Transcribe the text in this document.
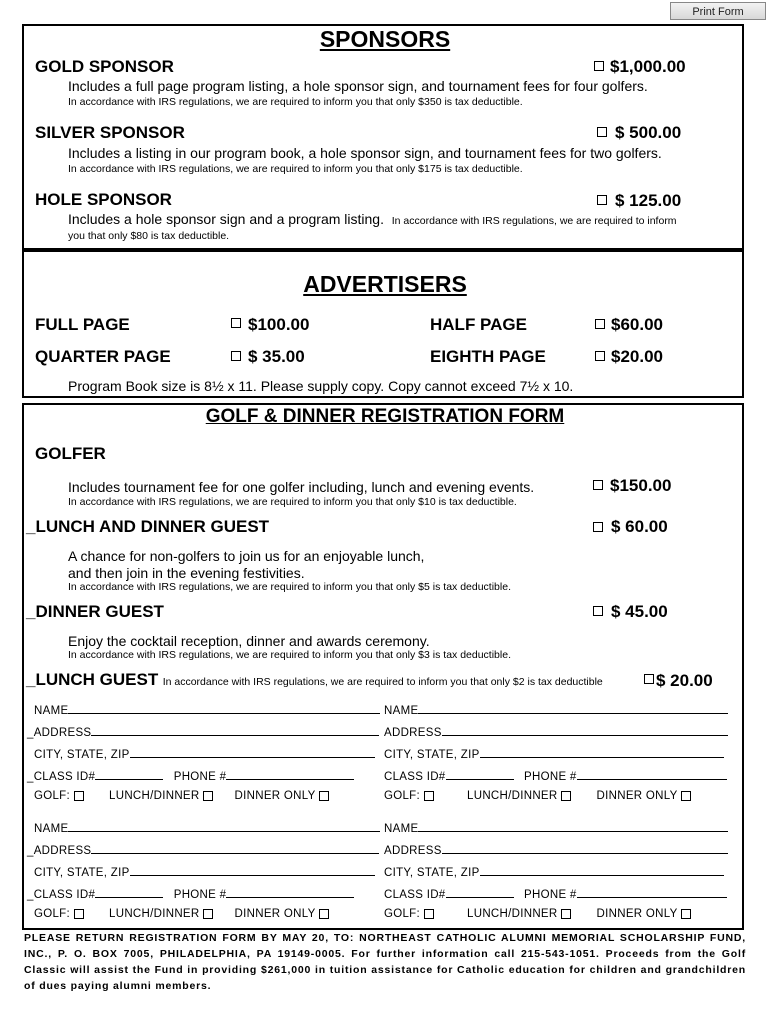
Print Form
SPONSORS
GOLD SPONSOR	$1,000.00
Includes a full page program listing, a hole sponsor sign, and tournament fees for four golfers.
In accordance with IRS regulations, we are required to inform you that only $350 is tax deductible.
SILVER SPONSOR	$ 500.00
Includes a listing in our program book, a hole sponsor sign, and tournament fees for two golfers.
In accordance with IRS regulations, we are required to inform you that only $175 is tax deductible.
HOLE SPONSOR	$ 125.00
Includes a hole sponsor sign and a program listing. In accordance with IRS regulations, we are required to inform
you that only $80 is tax deductible.
ADVERTISERS
FULL PAGE	$100.00	HALF PAGE	$60.00
QUARTER PAGE	$ 35.00	EIGHTH PAGE	$20.00
Program Book size is 8½ x 11. Please supply copy. Copy cannot exceed 7½ x 10.
GOLF & DINNER REGISTRATION FORM
GOLFER
Includes tournament fee for one golfer including, lunch and evening events.	$150.00
In accordance with IRS regulations, we are required to inform you that only $10 is tax deductible.
_LUNCH AND DINNER GUEST	$ 60.00
A chance for non-golfers to join us for an enjoyable lunch,
and then join in the evening festivities.
In accordance with IRS regulations, we are required to inform you that only $5 is tax deductible.
_DINNER GUEST	$ 45.00
Enjoy the cocktail reception, dinner and awards ceremony.
In accordance with IRS regulations, we are required to inform you that only $3 is tax deductible.
_LUNCH GUEST In accordance with IRS regulations, we are required to inform you that only $2 is tax deductible	$ 20.00
NAME	NAME
_ADDRESS	ADDRESS
CITY, STATE, ZIP	CITY, STATE, ZIP
_CLASS ID#	PHONE #	CLASS ID#	PHONE #
GOLF:	LUNCH/DINNER	DINNER ONLY	GOLF:	LUNCH/DINNER	DINNER ONLY
NAME	NAME
_ADDRESS	ADDRESS
CITY, STATE, ZIP	CITY, STATE, ZIP
_CLASS ID#	PHONE #	CLASS ID#	PHONE #
GOLF:	LUNCH/DINNER	DINNER ONLY	GOLF:	LUNCH/DINNER	DINNER ONLY
PLEASE RETURN REGISTRATION FORM BY MAY 20, TO: NORTHEAST CATHOLIC ALUMNI MEMORIAL SCHOLARSHIP FUND, INC., P. O. BOX 7005, PHILADELPHIA, PA 19149-0005. For further information call 215-543-1051. Proceeds from the Golf Classic will assist the Fund in providing $261,000 in tuition assistance for Catholic education for children and grandchildren of dues paying alumni members.
